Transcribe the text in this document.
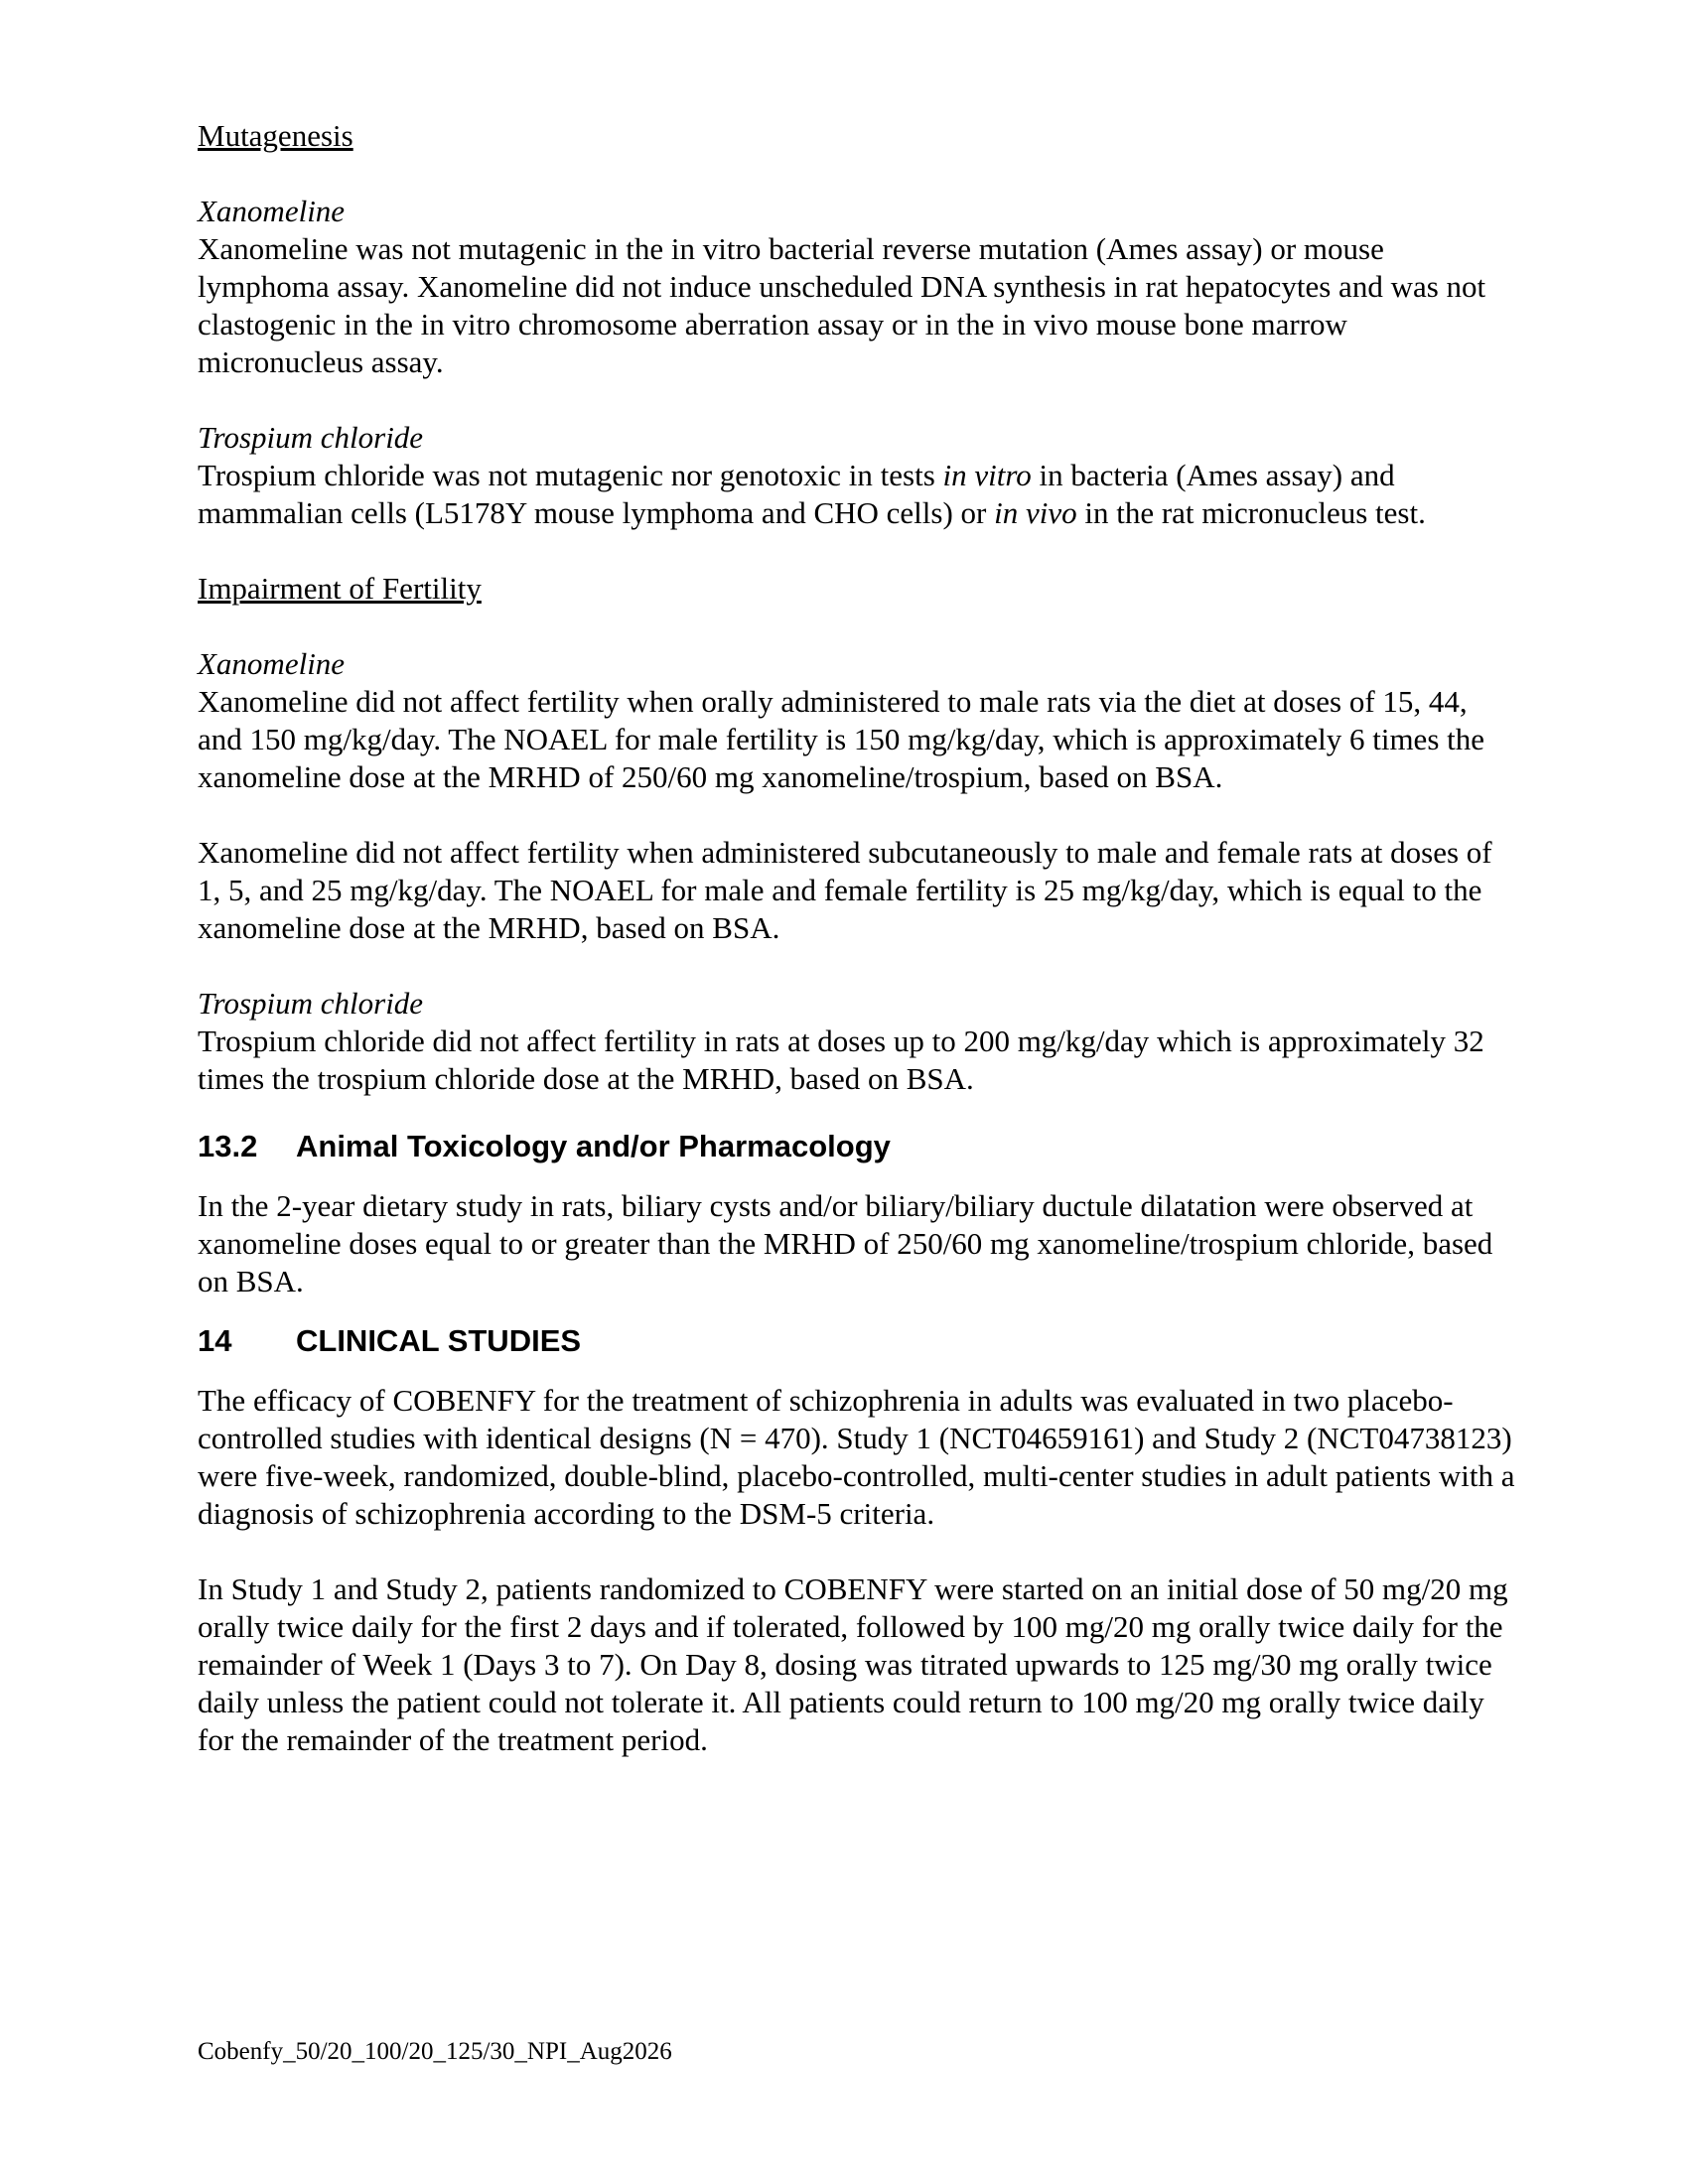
Mutagenesis

Xanomeline

Xanomeline was not mutagenic in the in vitro bacterial reverse mutation (Ames assay) or mouse lymphoma assay. Xanomeline did not induce unscheduled DNA synthesis in rat hepatocytes and was not clastogenic in the in vitro chromosome aberration assay or in the in vivo mouse bone marrow micronucleus assay.

Trospium chloride

Trospium chloride was not mutagenic nor genotoxic in tests in vitro in bacteria (Ames assay) and mammalian cells (L5178Y mouse lymphoma and CHO cells) or in vivo in the rat micronucleus test.

Impairment of Fertility

Xanomeline

Xanomeline did not affect fertility when orally administered to male rats via the diet at doses of 15, 44, and 150 mg/kg/day. The NOAEL for male fertility is 150 mg/kg/day, which is approximately 6 times the xanomeline dose at the MRHD of 250/60 mg xanomeline/trospium, based on BSA.

Xanomeline did not affect fertility when administered subcutaneously to male and female rats at doses of 1, 5, and 25 mg/kg/day. The NOAEL for male and female fertility is 25 mg/kg/day, which is equal to the xanomeline dose at the MRHD, based on BSA.

Trospium chloride

Trospium chloride did not affect fertility in rats at doses up to 200 mg/kg/day which is approximately 32 times the trospium chloride dose at the MRHD, based on BSA.

13.2	Animal Toxicology and/or Pharmacology

In the 2-year dietary study in rats, biliary cysts and/or biliary/biliary ductule dilatation were observed at xanomeline doses equal to or greater than the MRHD of 250/60 mg xanomeline/trospium chloride, based on BSA.

14	CLINICAL STUDIES

The efficacy of COBENFY for the treatment of schizophrenia in adults was evaluated in two placebo-controlled studies with identical designs (N = 470). Study 1 (NCT04659161) and Study 2 (NCT04738123) were five-week, randomized, double-blind, placebo-controlled, multi-center studies in adult patients with a diagnosis of schizophrenia according to the DSM-5 criteria.

In Study 1 and Study 2, patients randomized to COBENFY were started on an initial dose of 50 mg/20 mg orally twice daily for the first 2 days and if tolerated, followed by 100 mg/20 mg orally twice daily for the remainder of Week 1 (Days 3 to 7). On Day 8, dosing was titrated upwards to 125 mg/30 mg orally twice daily unless the patient could not tolerate it. All patients could return to 100 mg/20 mg orally twice daily for the remainder of the treatment period.

Cobenfy_50/20_100/20_125/30_NPI_Aug2026
